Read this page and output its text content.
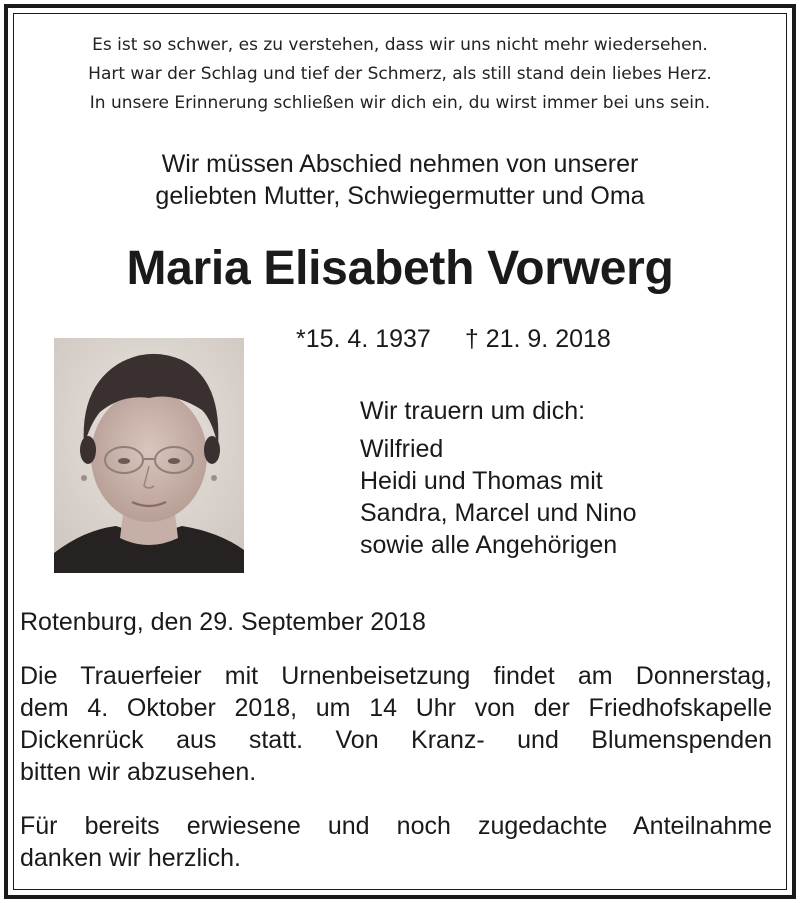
Es ist so schwer, es zu verstehen, dass wir uns nicht mehr wiedersehen.
Hart war der Schlag und tief der Schmerz, als still stand dein liebes Herz.
In unsere Erinnerung schließen wir dich ein, du wirst immer bei uns sein.
Wir müssen Abschied nehmen von unserer
geliebten Mutter, Schwiegermutter und Oma
Maria Elisabeth Vorwerg
*15. 4. 1937 † 21. 9. 2018
Wir trauern um dich:
Wilfried
Heidi und Thomas mit
Sandra, Marcel und Nino
sowie alle Angehörigen
Rotenburg, den 29. September 2018
Die Trauerfeier mit Urnenbeisetzung findet am Donnerstag,
dem 4. Oktober 2018, um 14 Uhr von der Friedhofskapelle
Dickenrück aus statt. Von Kranz- und Blumenspenden
bitten wir abzusehen.
Für bereits erwiesene und noch zugedachte Anteilnahme
danken wir herzlich.
